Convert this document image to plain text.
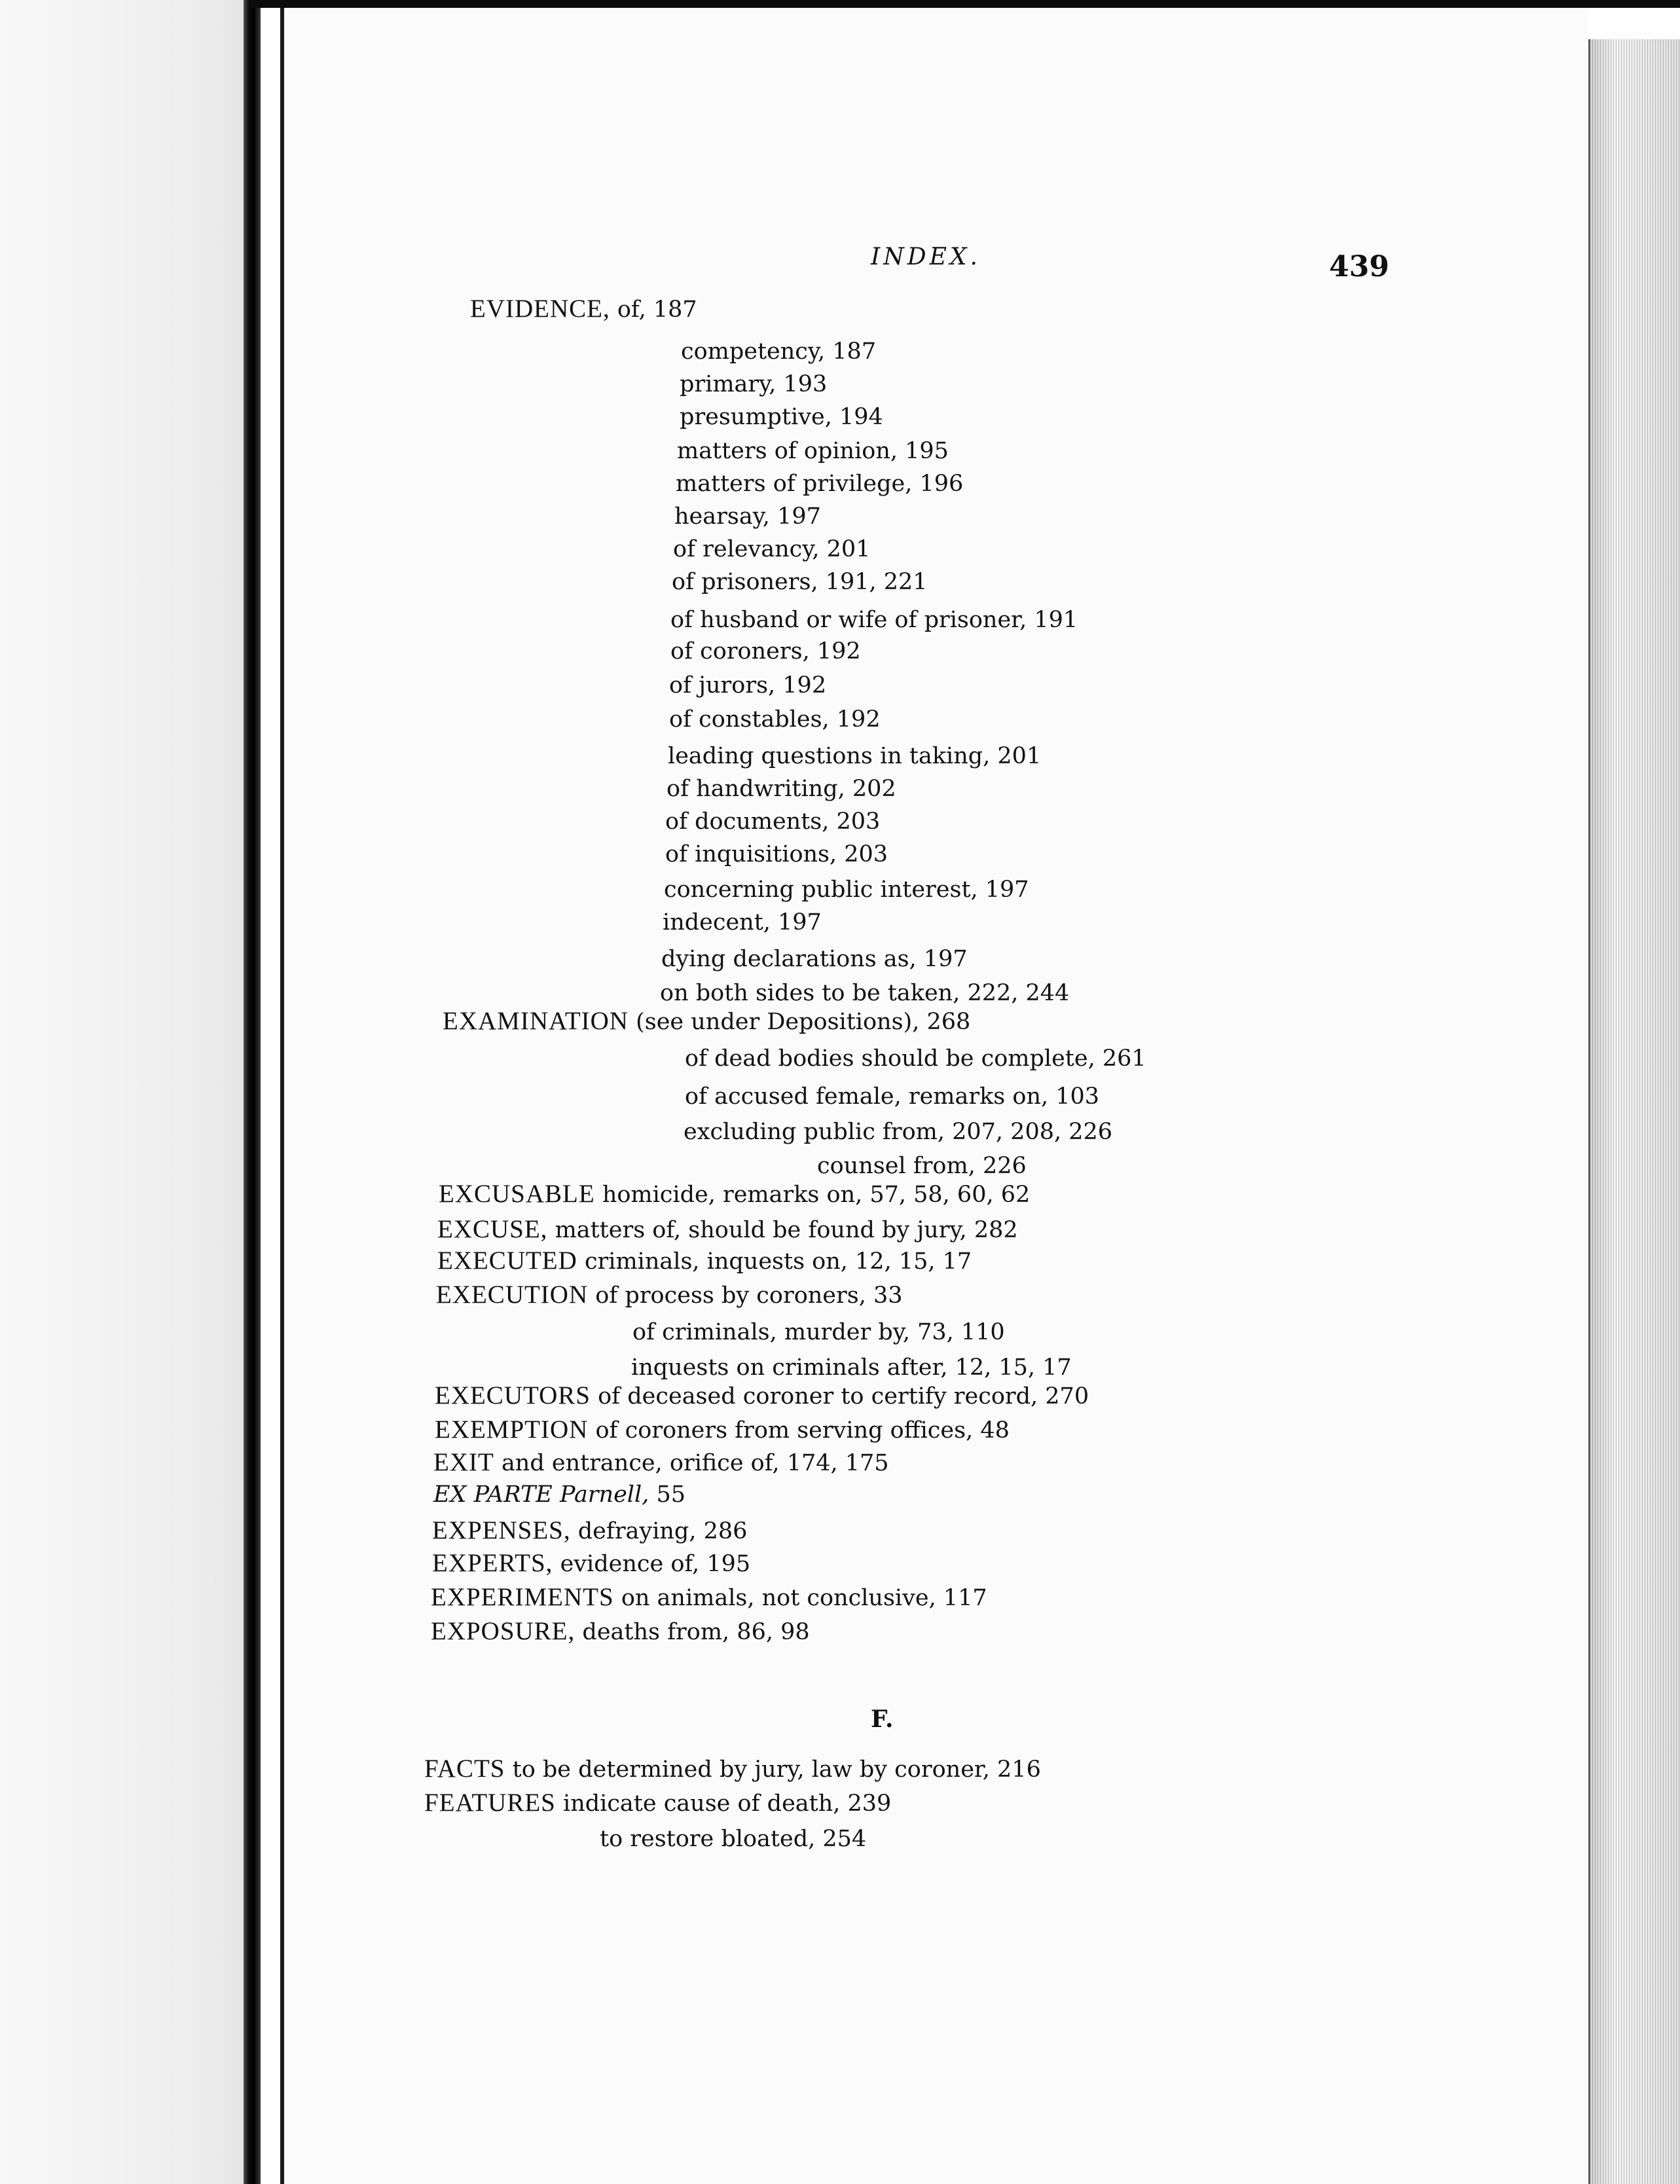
INDEX.	439
EVIDENCE, of, 187
competency, 187
primary, 193
presumptive, 194
matters of opinion, 195
matters of privilege, 196
hearsay, 197
of relevancy, 201
of prisoners, 191, 221
of husband or wife of prisoner, 191
of coroners, 192
of jurors, 192
of constables, 192
leading questions in taking, 201
of handwriting, 202
of documents, 203
of inquisitions, 203
concerning public interest, 197
indecent, 197
dying declarations as, 197
on both sides to be taken, 222, 244
EXAMINATION (see under Depositions), 268
of dead bodies should be complete, 261
of accused female, remarks on, 103
excluding public from, 207, 208, 226
counsel from, 226
EXCUSABLE homicide, remarks on, 57, 58, 60, 62
EXCUSE, matters of, should be found by jury, 282
EXECUTED criminals, inquests on, 12, 15, 17
EXECUTION of process by coroners, 33
of criminals, murder by, 73, 110
inquests on criminals after, 12, 15, 17
EXECUTORS of deceased coroner to certify record, 270
EXEMPTION of coroners from serving offices, 48
EXIT and entrance, orifice of, 174, 175
EX PARTE Parnell, 55
EXPENSES, defraying, 286
EXPERTS, evidence of, 195
EXPERIMENTS on animals, not conclusive, 117
EXPOSURE, deaths from, 86, 98
F.
FACTS to be determined by jury, law by coroner, 216
FEATURES indicate cause of death, 239
to restore bloated, 254
